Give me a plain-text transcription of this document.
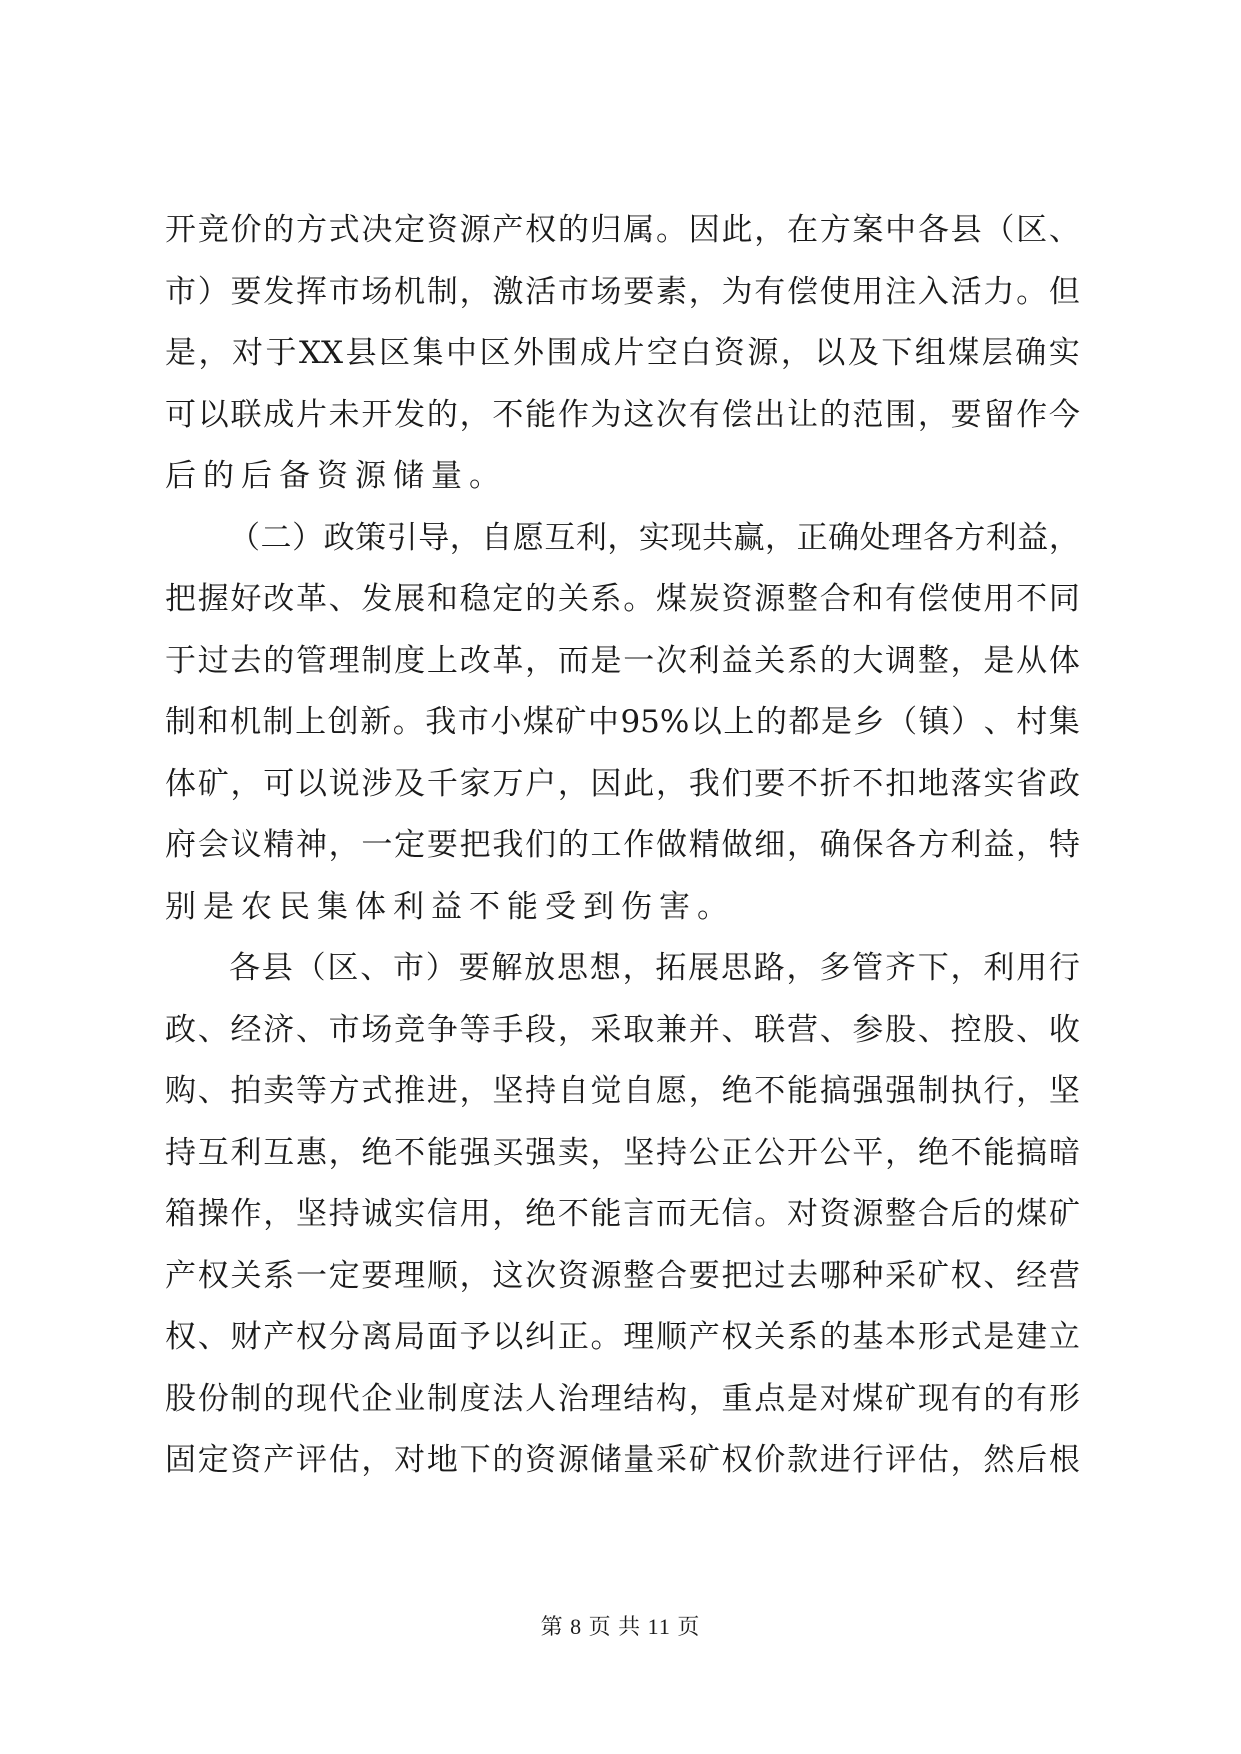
开 竞 价 的 方 式 决 定 资 源 产 权 的 归 属 。 因 此 ， 在 方 案 中 各 县 （ 区 、
市 ） 要 发 挥 市 场 机 制 ， 激 活 市 场 要 素 ， 为 有 偿 使 用 注 入 活 力 。 但
是 ， 对 于 XX 县 区 集 中 区 外 围 成 片 空 白 资 源 ， 以 及 下 组 煤 层 确 实
可 以 联 成 片 未 开 发 的 ， 不 能 作 为 这 次 有 偿 出 让 的 范 围 ， 要 留 作 今
后的后备资源储量。
（ 二 ） 政 策 引 导 ， 自 愿 互 利 ， 实 现 共 赢 ， 正 确 处 理 各 方 利 益 ，
把 握 好 改 革 、 发 展 和 稳 定 的 关 系 。 煤 炭 资 源 整 合 和 有 偿 使 用 不 同
于 过 去 的 管 理 制 度 上 改 革 ， 而 是 一 次 利 益 关 系 的 大 调 整 ， 是 从 体
制 和 机 制 上 创 新 。 我 市 小 煤 矿 中 95% 以 上 的 都 是 乡 （ 镇 ） 、 村 集
体 矿 ， 可 以 说 涉 及 千 家 万 户 ， 因 此 ， 我 们 要 不 折 不 扣 地 落 实 省 政
府 会 议 精 神 ， 一 定 要 把 我 们 的 工 作 做 精 做 细 ， 确 保 各 方 利 益 ， 特
别是农民集体利益不能受到伤害。
各 县 （ 区 、 市 ） 要 解 放 思 想 ， 拓 展 思 路 ， 多 管 齐 下 ， 利 用 行
政 、 经 济 、 市 场 竞 争 等 手 段 ， 采 取 兼 并 、 联 营 、 参 股 、 控 股 、 收
购 、 拍 卖 等 方 式 推 进 ， 坚 持 自 觉 自 愿 ， 绝 不 能 搞 强 强 制 执 行 ， 坚
持 互 利 互 惠 ， 绝 不 能 强 买 强 卖 ， 坚 持 公 正 公 开 公 平 ， 绝 不 能 搞 暗
箱 操 作 ， 坚 持 诚 实 信 用 ， 绝 不 能 言 而 无 信 。 对 资 源 整 合 后 的 煤 矿
产 权 关 系 一 定 要 理 顺 ， 这 次 资 源 整 合 要 把 过 去 哪 种 采 矿 权 、 经 营
权 、 财 产 权 分 离 局 面 予 以 纠 正 。 理 顺 产 权 关 系 的 基 本 形 式 是 建 立
股 份 制 的 现 代 企 业 制 度 法 人 治 理 结 构 ， 重 点 是 对 煤 矿 现 有 的 有 形
固 定 资 产 评 估 ， 对 地 下 的 资 源 储 量 采 矿 权 价 款 进 行 评 估 ， 然 后 根
第 8 页 共 11 页
